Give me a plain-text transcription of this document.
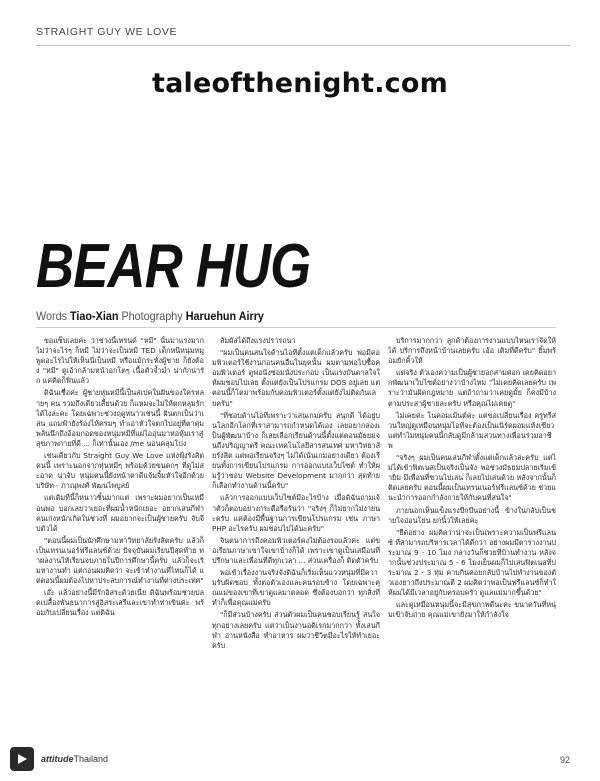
STRAIGHT GUY WE LOVE
taleofthenight.com
BEAR HUG
Words Tiao-Xian Photography Haruehun Airry

ขอแซ็บเลยค่ะ ว่าช่วงนี้เทรนด์ "หมี" นั้นมาแรงมาก ไม่ว่าจะไรๆ ก็หมี ไม่ว่าจะเป็นหมี TED เด็กหนีหนุ่มหมู พูดอะไรไปให้เห็นนี่เป็นหมี หรือแม้กระทั่งผู้ชาย ก็ยังต้อง "หมี" ดูเอ้ากล้ามหน้าอกโตๆ เนื้อตัวจ้ำม่ำ น่ากักน่ารัก แค่คิดก็ฟินแล้ว

ดิฉันเชื่อค่ะ ผู้ชายหุ่นหมีนี้เป็นสเปคในฝันของใครหลายๆ คน รวมถึงเดียวเสี้ยนด้วย ก็แหมจะไม่ให้ตกหลุมรักได้ไงล่ะคะ โดยเฉพาะช่วงฤดูหนาวเช่นนี้ ฝันตกเป็นว่าเล่น แถมฟ้ายังร้องไห้ครมๆ ทำเอาหัวใจตกไปอยู่ที่ตาตุ่ม พลันนึกถึงอ้อมกอดของหนุ่มหมีที่แผ่ไออุ่นมาห่อหุ้มเราสู่สุขภาพกายที่ดี ... ก็เท่านั้นเอง /me นอนคลุมโปง

เช่นเดียวกับ Straight Guy We Love แห่งฟุ้งรังสิตคนนี้ เพราะนอกจากหุ่นหมีๆ พร้อมด้วยขนดกๆ ที่ดูไม่สะอาด น่าจับ หนุ่มคนนี้ยังหน้าตาดีแจ้มจิ้มหัวใจอีกด้วย บริษัท - ภาณุพงศ์ พัฒนไพบูลย์

แต่เดิมทีนี้ก็หนาวชิ้นมากแต่ เพราะผมอยากเป็นเหมือนพ่อ บอกเลยว่าเยอะที่ผมน้ำหนักเยอะ อยากเล่นกีฬาคนเก่งหนักเกิดในช่วงที่ ผมอยากจะเป็นผู้ชายครับ จับจีบตัวได้

"ตอนนี้ผมเป็นนักศึกษามหาวิทยาลัยรังสิตครับ แล้วก็เป็นเทรนเนอร์ฟรีแลนซ์ด้วย ปัจจุบันผมเรียนปีสุดท้าย ทำผลงานให้เรียนจบภายในปีการศึกษานี้ครับ แล้วก็จะเริ่มหางานทำ แต่ก่อนผมคิดว่า จะเข้าทำงานที่ไหนก็ได้ แต่ตอนนี้ผมต้องไปหาประสบการณ์ทำงานที่ต่างประเทศ"

เอ๊ะ แล้วอย่างนี้มีรักอิสระด้วยเนี่ย ดิฉันพร้อมช่วยปลดเปลื้องพันธนาการสู่อิสระเสรีและเขาทำท่าเขินค่ะ พร้อมกับเปลี่ยนเรื่อง แต่ดิฉัน

สัมผัสได้ถึงแรงปรารถนา

"ผมเป็นคนสนใจด้านไอทีตั้งแต่เด็กแล้วครับ พ่อมีคอมพิวเตอร์ใช้งานก่อนคนอื่นในยุคนั้น ผมตามพ่อไปซื้อคอมพิวเตอร์ ดูพ่อนั่งซ่อมนั่งประกอบ เป็นแรงบันดาลใจให้ผมชอบไปเลย ตั้งแต่ยังเป็นโปรแกรม DOS อยู่เลย แต่ตอนนี้ก็โตมาพร้อมกับคอมพิวเตอร์ตั้งแต่ยังไม่ติดกันเลยครับ"

"ที่ชอบด้านไอทีเพราะว่าเล่นเกมครับ สนุกดี ได้อยู่บนโลกอีกโลกที่เราสามารถกำหนดได้เอง เลยอยากลองเป็นผู้พัฒนาบ้าง ก็เลยเลือกเรียนด้านนี้ตั้งแต่ตอนมัธยมจนถึงปริญญาตรี คณะเทคโนโลยีสารสนเทศ มหาวิทยาลัยรังสิต แต่พอเรียนจริงๆ ไม่ได้เน้นเกมอย่างเดียว ต้องเรียนทั้งการเขียนโปรแกรม การออกแบบเว็บไซต์ ทำให้ผมรู้ว่าชอบ Website Development มากกว่า สุดท้ายก็เลือกทำงานด้านนี้ครับ"

แล้วการออกแบบเว็บไซต์มีอะไรบ้าง เมื่อดิฉันถามเจ้าตัวก็ตอบอย่างกระตือรือร้นว่า "จริงๆ ก็ไม่ยากไม่ง่ายนะครับ แค่ต้องมีพื้นฐานการเขียนโปรแกรม เช่น ภาษา PHP อะไรครับ ผมชอบไปได้นะครับ"

จินตนาการถึงคอมพิวเตอร์คงไม่ต้องรอแล้วค่ะ แต่ขอเรียนภาษาเขาใจเขาบ้างก็ได้ เพราะเขาดูเป็นเสมือนที่ปรึกษาและเพื่อนที่ดีทุกเวลา ... ส่วนเครื่องก็ ติดตัวครับ

พอเข้าเรื่องงานจริงจังดิฉันก็เริ่มเห็นแววหนุ่มที่มีความรับผิดชอบ ทั้งต่อตัวเองและคนรอบข้าง โดยเฉพาะคุณแม่ของเขาที่เขาดูแลมาตลอด ซึ่งต้องบอกว่า ทุกสิ่งที่ทำก็เพื่อคุณแม่ครับ

"ก็มีส่วนบ้างครับ ส่วนตัวผมเป็นคนชอบเรียนรู้ สนใจทุกอย่างเลยครับ แต่ว่าเป็นงานอดิเรกมากกว่า ทั้งเล่นกีฬา อ่านหนังสือ ทำอาหาร ผมว่าชีวิตมีอะไรให้ทำเยอะครับ

บริการมากกว่า ลูกค้าต้องการงานแบบไหนเราจัดให้ได้ บริการถึงหน้าบ้านเลยครับ เอ้อ เติมที่ดีครับ" ยิ้มพร้อมยักคิ้วให้

แต่จริง ตัวเองความเป็นผู้ชายอกสามศอก เคยคิดอยากพัฒนาเว็บไซต์อย่างว่าบ้างไหม "ไม่เคยคิดเลยครับ เพราะว่ามันผิดกฎหมาย แต่ถ้าถามว่าเคยดูมั้ย ก็คงมีบ้าง ตามประสาผู้ชายละครับ หรือคุณไม่เคยดู"

ไม่เคยค่ะ โนคอมเม้นต์ค่ะ แต่ขอเปลี่ยนเรื่อง ครูทรีส่วนใหญ่ดูเหมือนหนุ่มไอทีจะต้องเป็นเนิร์ดผอมแห้งเซียว แต่ทำไมหนุ่มคนนี้กลับดูมีกล้ามสวนทางเพื่อนร่วมอาชีพ

"จริงๆ ผมเป็นคนเล่นกีฬาตั้งแต่เด็กแล้วล่ะครับ แต่ไม่ได้เข้าฟิตเนสเป็นจริงเป็นจัง พอช่วงมัธยมปลายเริ่มเข้ายิม มีเพื่อนที่ชวนไปเล่น ก็เลยไปเล่นด้วย หลังจากนั้นก็ติดเลยครับ ตอนนี้ผมเป็นเทรนเนอร์ฟรีแลนซ์ด้วย ช่วยแนะนำการออกกำลังกายให้กับคนที่สนใจ"

ภายนอกเห็นแข็งแรงบึกบึนอย่างนี้ ข้างในกลับเป็นชายใจอ่อนโยน ยกนิ้วให้เลยค่ะ

"ยืดอย่าง ผมคิดว่าน่าจะเป็นเพราะความเป็นฟรีแลนซ์ ที่สามารถบริหารเวลาได้ดีกว่า อย่างผมมีตารางงานประมาณ 9 - 10 โมง กลางวันก็ช่วยที่บ้านทำงาน หลังจากนั้นช่วงประมาณ 5 - 6 โมงเย็นผมก็ไปเล่นฟิตเนสที่ประมาณ 2 - 3 ทุ่ม คาบกินค่อยกลับบ้านไปทำงานของตัวเองยาวถึงประมาณตี 2 ผมคิดว่าพอเป็นฟรีแลนซ์ก็ทำให้ผมได้มีเวลาอยู่กับครอบครัว ดูแลแม่มากขึ้นด้วย"

และดูเหมือนหนุ่มนี้จะมีสุขภาพดีนะคะ ขนาดวันที่หนุ่มเข้าจับถ่าย คุณแม่เขายังมาให้กำลังใจ

attitudeThailand	92
